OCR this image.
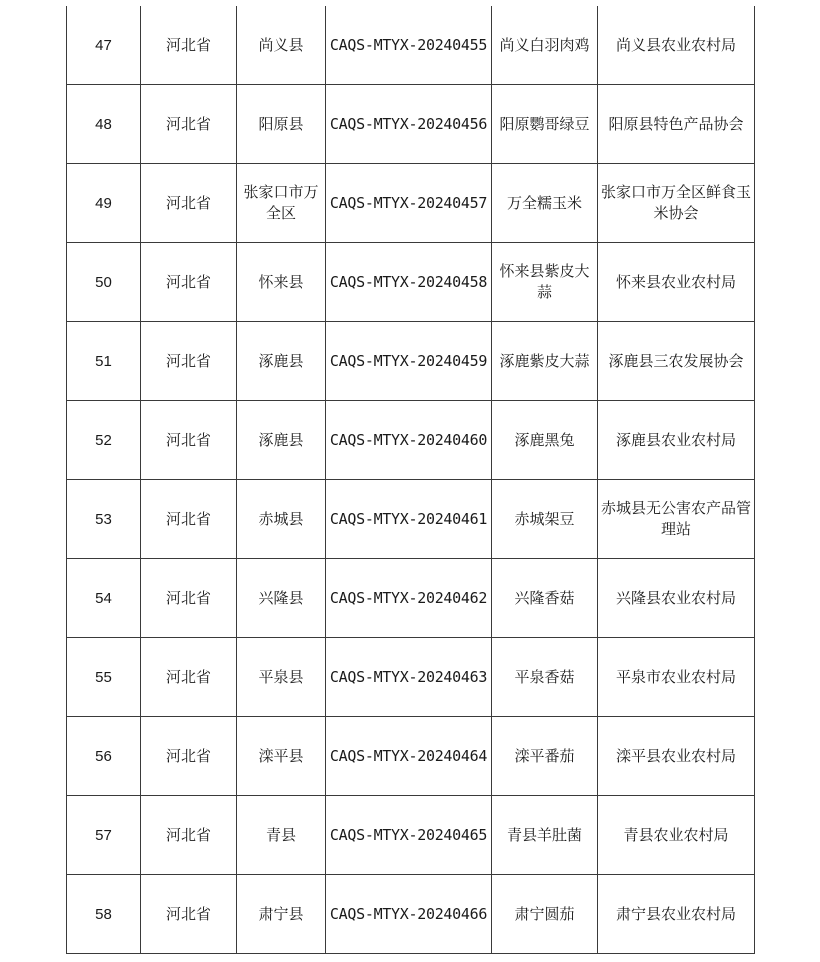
47	河北省	尚义县	CAQS-MTYX-20240455	尚义白羽肉鸡	尚义县农业农村局
48	河北省	阳原县	CAQS-MTYX-20240456	阳原鹦哥绿豆	阳原县特色产品协会
49	河北省	张家口市万全区	CAQS-MTYX-20240457	万全糯玉米	张家口市万全区鲜食玉米协会
50	河北省	怀来县	CAQS-MTYX-20240458	怀来县紫皮大蒜	怀来县农业农村局
51	河北省	涿鹿县	CAQS-MTYX-20240459	涿鹿紫皮大蒜	涿鹿县三农发展协会
52	河北省	涿鹿县	CAQS-MTYX-20240460	涿鹿黑兔	涿鹿县农业农村局
53	河北省	赤城县	CAQS-MTYX-20240461	赤城架豆	赤城县无公害农产品管理站
54	河北省	兴隆县	CAQS-MTYX-20240462	兴隆香菇	兴隆县农业农村局
55	河北省	平泉县	CAQS-MTYX-20240463	平泉香菇	平泉市农业农村局
56	河北省	滦平县	CAQS-MTYX-20240464	滦平番茄	滦平县农业农村局
57	河北省	青县	CAQS-MTYX-20240465	青县羊肚菌	青县农业农村局
58	河北省	肃宁县	CAQS-MTYX-20240466	肃宁圆茄	肃宁县农业农村局
